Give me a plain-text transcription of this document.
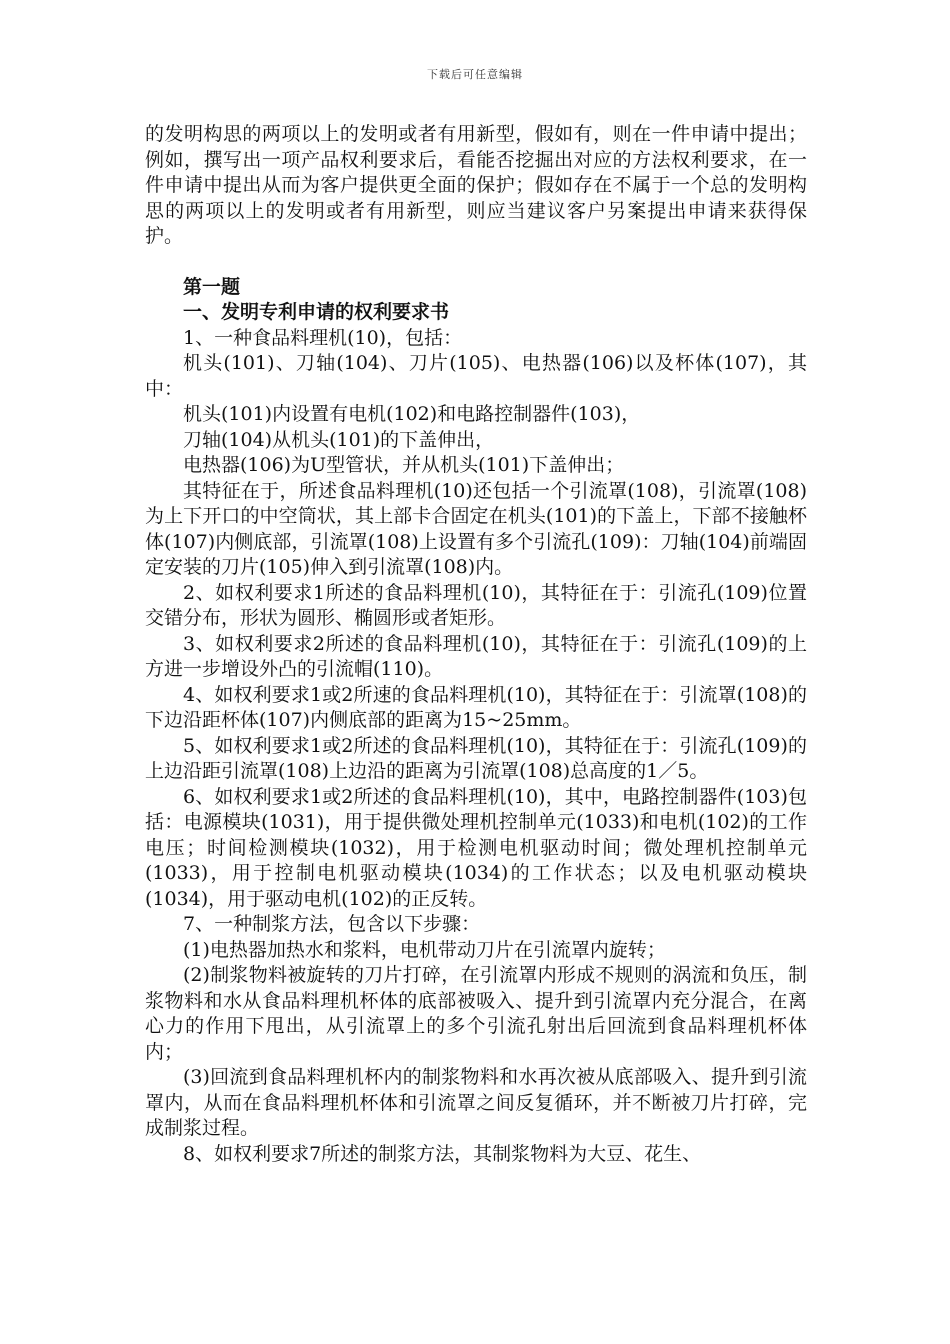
下载后可任意编辑

的发明构思的两项以上的发明或者有用新型，假如有，则在一件申请中提出；例如，撰写出一项产品权利要求后，看能否挖掘出对应的方法权利要求，在一件申请中提出从而为客户提供更全面的保护；假如存在不属于一个总的发明构思的两项以上的发明或者有用新型，则应当建议客户另案提出申请来获得保护。

第一题

一、发明专利申请的权利要求书

1、一种食品料理机(10)，包括：

机头(101)、刀轴(104)、刀片(105)、电热器(106)以及杯体(107)，其中：

机头(101)内设置有电机(102)和电路控制器件(103)，

刀轴(104)从机头(101)的下盖伸出，

电热器(106)为U型管状，并从机头(101)下盖伸出；

其特征在于，所述食品料理机(10)还包括一个引流罩(108)，引流罩(108)为上下开口的中空筒状，其上部卡合固定在机头(101)的下盖上，下部不接触杯体(107)内侧底部，引流罩(108)上设置有多个引流孔(109)：刀轴(104)前端固定安装的刀片(105)伸入到引流罩(108)内。

2、如权利要求1所述的食品料理机(10)，其特征在于：引流孔(109)位置交错分布，形状为圆形、椭圆形或者矩形。

3、如权利要求2所述的食品料理机(10)，其特征在于：引流孔(109)的上方进一步增设外凸的引流帽(110)。

4、如权利要求1或2所速的食品料理机(10)，其特征在于：引流罩(108)的下边沿距杯体(107)内侧底部的距离为15~25mm。

5、如权利要求1或2所述的食品料理机(10)，其特征在于：引流孔(109)的上边沿距引流罩(108)上边沿的距离为引流罩(108)总高度的1／5。

6、如权利要求1或2所述的食品料理机(10)，其中，电路控制器件(103)包括：电源模块(1031)，用于提供微处理机控制单元(1033)和电机(102)的工作电压；时间检测模块(1032)，用于检测电机驱动时间；微处理机控制单元(1033)，用于控制电机驱动模块(1034)的工作状态；以及电机驱动模块(1034)，用于驱动电机(102)的正反转。

7、一种制浆方法，包含以下步骤：

(1)电热器加热水和浆料，电机带动刀片在引流罩内旋转；

(2)制浆物料被旋转的刀片打碎，在引流罩内形成不规则的涡流和负压，制浆物料和水从食品料理机杯体的底部被吸入、提升到引流罩内充分混合，在离心力的作用下甩出，从引流罩上的多个引流孔射出后回流到食品料理机杯体内；

(3)回流到食品料理机杯内的制浆物料和水再次被从底部吸入、提升到引流罩内，从而在食品料理机杯体和引流罩之间反复循环，并不断被刀片打碎，完成制浆过程。

8、如权利要求7所述的制浆方法，其制浆物料为大豆、花生、
